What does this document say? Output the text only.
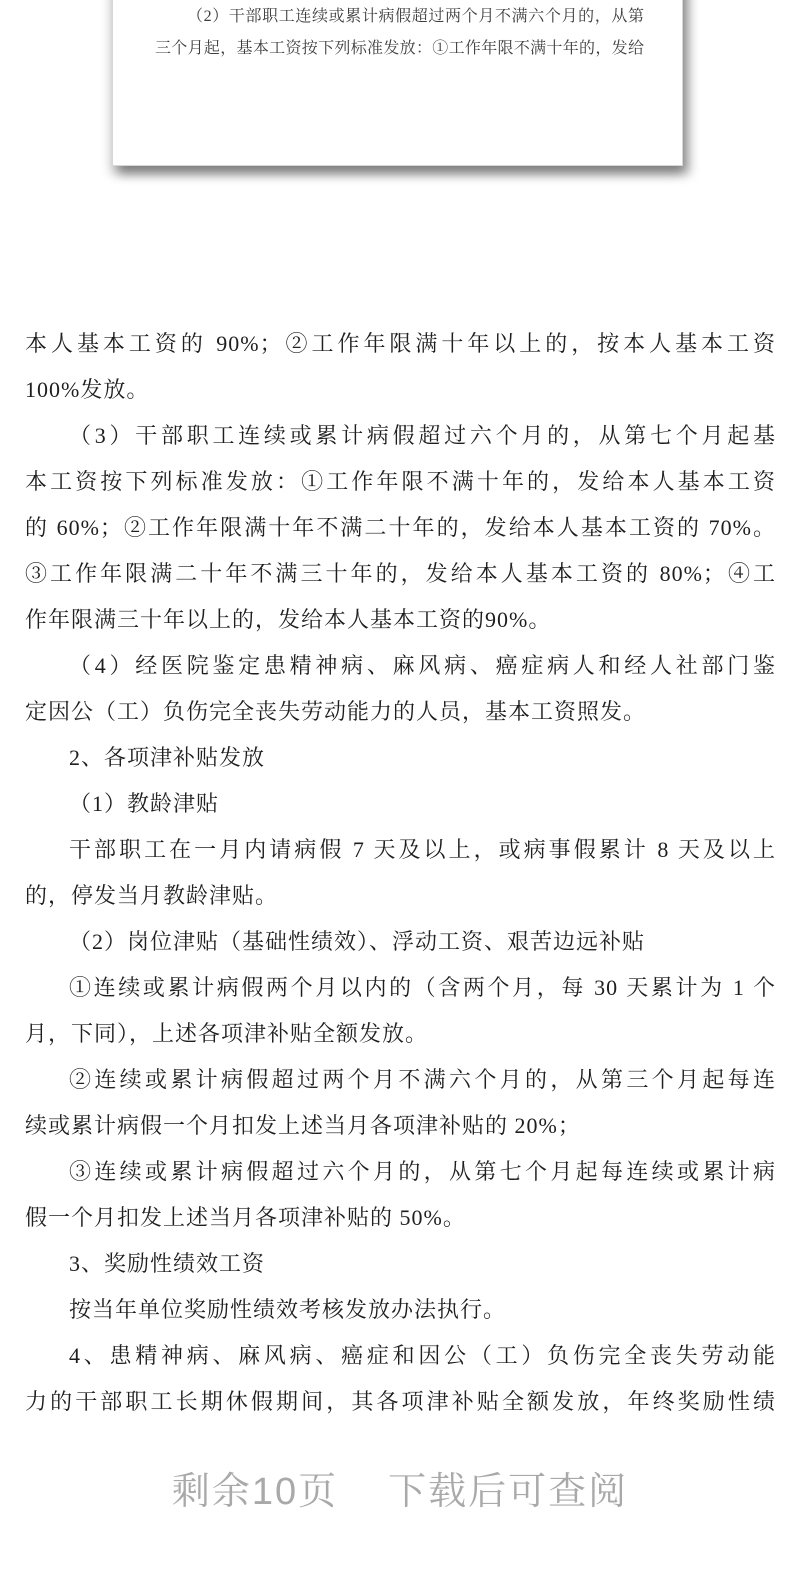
（2）干部职工连续或累计病假超过两个月不满六个月的，从第
三个月起，基本工资按下列标准发放：①工作年限不满十年的，发给
本人基本工资的 90%；②工作年限满十年以上的，按本人基本工资
100%发放。
（3）干部职工连续或累计病假超过六个月的，从第七个月起基
本工资按下列标准发放：①工作年限不满十年的，发给本人基本工资
的 60%；②工作年限满十年不满二十年的，发给本人基本工资的 70%。
③工作年限满二十年不满三十年的，发给本人基本工资的 80%；④工
作年限满三十年以上的，发给本人基本工资的90%。
（4）经医院鉴定患精神病、麻风病、癌症病人和经人社部门鉴
定因公（工）负伤完全丧失劳动能力的人员，基本工资照发。
2、各项津补贴发放
（1）教龄津贴
干部职工在一月内请病假 7 天及以上，或病事假累计 8 天及以上
的，停发当月教龄津贴。
（2）岗位津贴（基础性绩效）、浮动工资、艰苦边远补贴
①连续或累计病假两个月以内的（含两个月，每 30 天累计为 1 个
月，下同），上述各项津补贴全额发放。
②连续或累计病假超过两个月不满六个月的，从第三个月起每连
续或累计病假一个月扣发上述当月各项津补贴的 20%；
③连续或累计病假超过六个月的，从第七个月起每连续或累计病
假一个月扣发上述当月各项津补贴的 50%。
3、奖励性绩效工资
按当年单位奖励性绩效考核发放办法执行。
4、患精神病、麻风病、癌症和因公（工）负伤完全丧失劳动能
力的干部职工长期休假期间，其各项津补贴全额发放，年终奖励性绩
剩余10页 下载后可查阅
